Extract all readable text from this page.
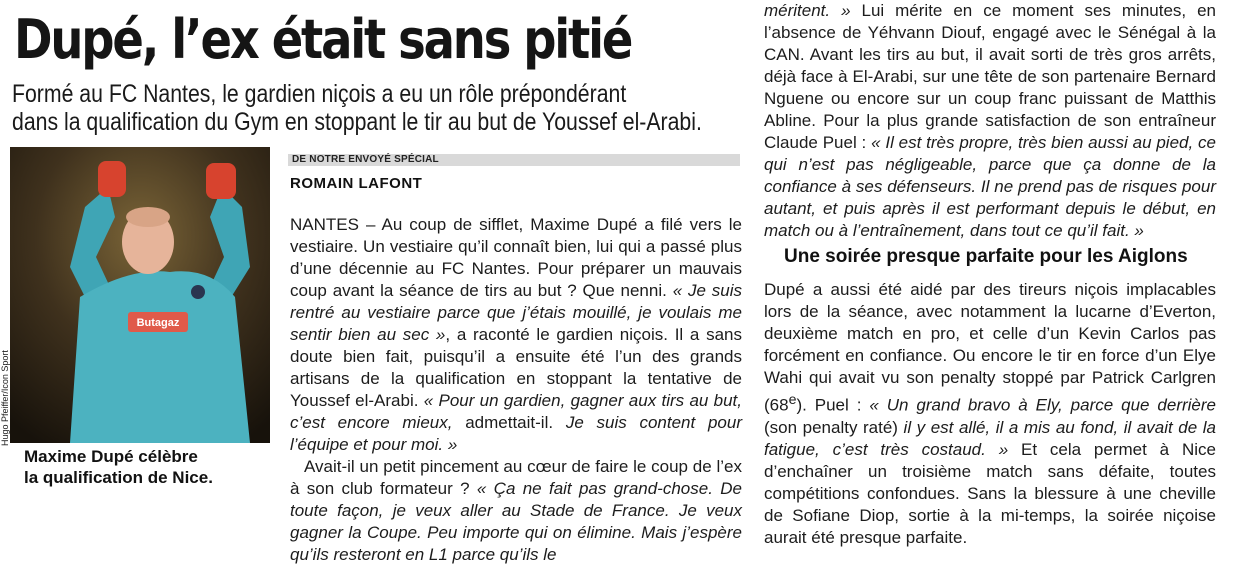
Dupé, l’ex était sans pitié
Formé au FC Nantes, le gardien niçois a eu un rôle prépondérant
dans la qualification du Gym en stoppant le tir au but de Youssef el-Arabi.
Butagaz
Hugo Pfeiffer/Icon Sport
Maxime Dupé célèbre
la qualification de Nice.
DE NOTRE ENVOYÉ SPÉCIAL
ROMAIN LAFONT

NANTES – Au coup de sifflet, Maxime Dupé a filé vers le vestiaire. Un vestiaire qu’il connaît bien, lui qui a passé plus d’une décennie au FC Nantes. Pour préparer un mauvais coup avant la séance de tirs au but ? Que nenni. « Je suis rentré au vestiaire parce que j’étais mouillé, je voulais me sentir bien au sec », a raconté le gardien niçois. Il a sans doute bien fait, puisqu’il a ensuite été l’un des grands artisans de la qualification en stoppant la tentative de Youssef el-Arabi. « Pour un gardien, gagner aux tirs au but, c’est encore mieux, admettait-il. Je suis content pour l’équipe et pour moi. »

Avait-il un petit pincement au cœur de faire le coup de l’ex à son club formateur ? « Ça ne fait pas grand-chose. De toute façon, je veux aller au Stade de France. Je veux gagner la Coupe. Peu importe qui on élimine. Mais j’espère qu’ils resteront en L1 parce qu’ils le

méritent. » Lui mérite en ce moment ses minutes, en l’absence de Yéhvann Diouf, engagé avec le Sénégal à la CAN. Avant les tirs au but, il avait sorti de très gros arrêts, déjà face à El-Arabi, sur une tête de son partenaire Bernard Nguene ou encore sur un coup franc puissant de Matthis Abline. Pour la plus grande satisfaction de son entraîneur Claude Puel : « Il est très propre, très bien aussi au pied, ce qui n’est pas négligeable, parce que ça donne de la confiance à ses défenseurs. Il ne prend pas de risques pour autant, et puis après il est performant depuis le début, en match ou à l’entraînement, dans tout ce qu’il fait. »

Une soirée presque parfaite pour les Aiglons

Dupé a aussi été aidé par des tireurs niçois implacables lors de la séance, avec notamment la lucarne d’Everton, deuxième match en pro, et celle d’un Kevin Carlos pas forcément en confiance. Ou encore le tir en force d’un Elye Wahi qui avait vu son penalty stoppé par Patrick Carlgren (68e). Puel : « Un grand bravo à Ely, parce que derrière (son penalty raté) il y est allé, il a mis au fond, il avait de la fatigue, c’est très costaud. » Et cela permet à Nice d’enchaîner un troisième match sans défaite, toutes compétitions confondues. Sans la blessure à une cheville de Sofiane Diop, sortie à la mi-temps, la soirée niçoise aurait été presque parfaite.
